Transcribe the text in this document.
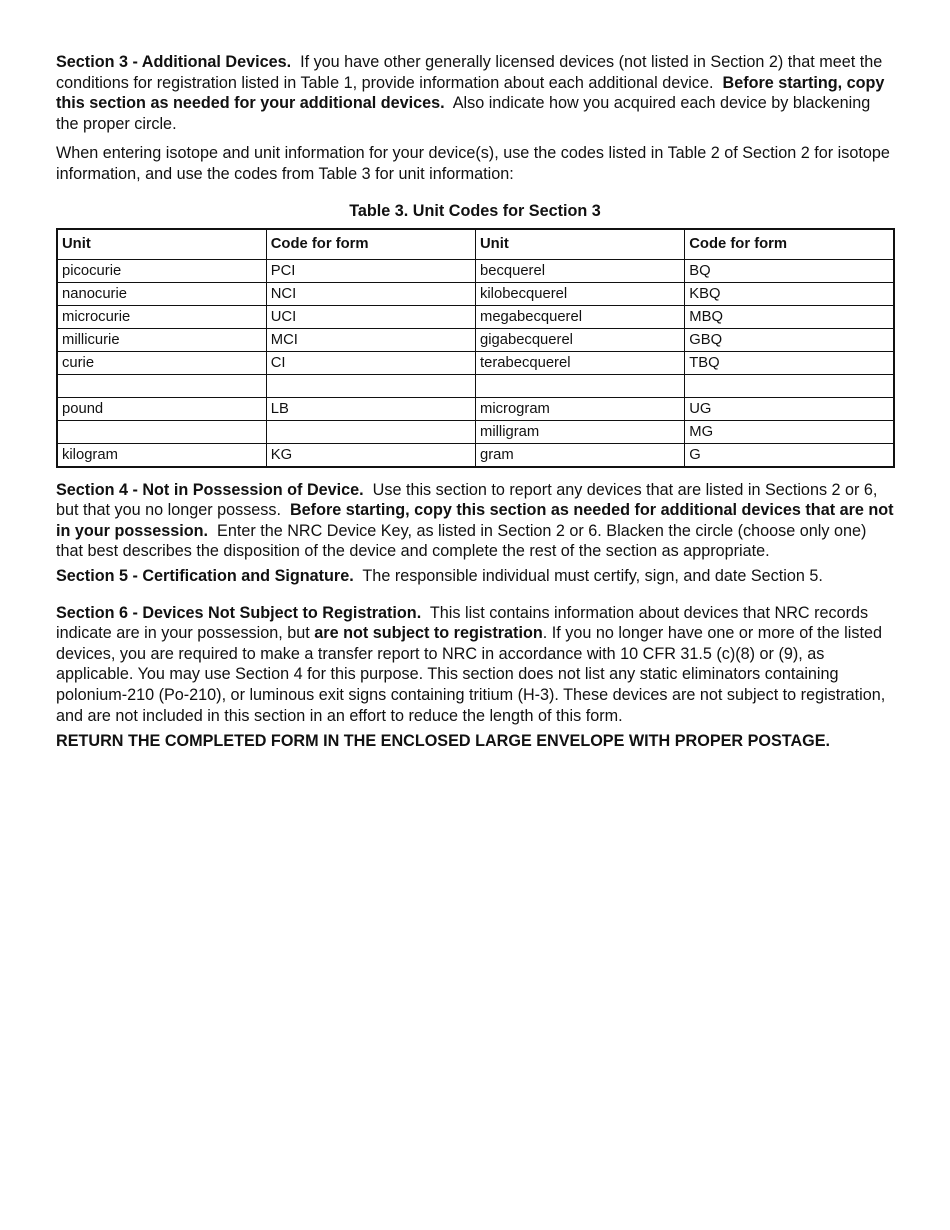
Section 3 - Additional Devices. If you have other generally licensed devices (not listed in Section 2) that meet the conditions for registration listed in Table 1, provide information about each additional device. Before starting, copy this section as needed for your additional devices. Also indicate how you acquired each device by blackening the proper circle.

When entering isotope and unit information for your device(s), use the codes listed in Table 2 of Section 2 for isotope information, and use the codes from Table 3 for unit information:

Table 3. Unit Codes for Section 3
Unit	Code for form	Unit	Code for form
picocurie	PCI	becquerel	BQ
nanocurie	NCI	kilobecquerel	KBQ
microcurie	UCI	megabecquerel	MBQ
millicurie	MCI	gigabecquerel	GBQ
curie	CI	terabecquerel	TBQ

pound	LB	microgram	UG
		milligram	MG
kilogram	KG	gram	G

Section 4 - Not in Possession of Device. Use this section to report any devices that are listed in Sections 2 or 6, but that you no longer possess. Before starting, copy this section as needed for additional devices that are not in your possession. Enter the NRC Device Key, as listed in Section 2 or 6. Blacken the circle (choose only one) that best describes the disposition of the device and complete the rest of the section as appropriate.

Section 5 - Certification and Signature. The responsible individual must certify, sign, and date Section 5.

Section 6 - Devices Not Subject to Registration. This list contains information about devices that NRC records indicate are in your possession, but are not subject to registration. If you no longer have one or more of the listed devices, you are required to make a transfer report to NRC in accordance with 10 CFR 31.5 (c)(8) or (9), as applicable. You may use Section 4 for this purpose. This section does not list any static eliminators containing polonium-210 (Po-210), or luminous exit signs containing tritium (H-3). These devices are not subject to registration, and are not included in this section in an effort to reduce the length of this form.

RETURN THE COMPLETED FORM IN THE ENCLOSED LARGE ENVELOPE WITH PROPER POSTAGE.
